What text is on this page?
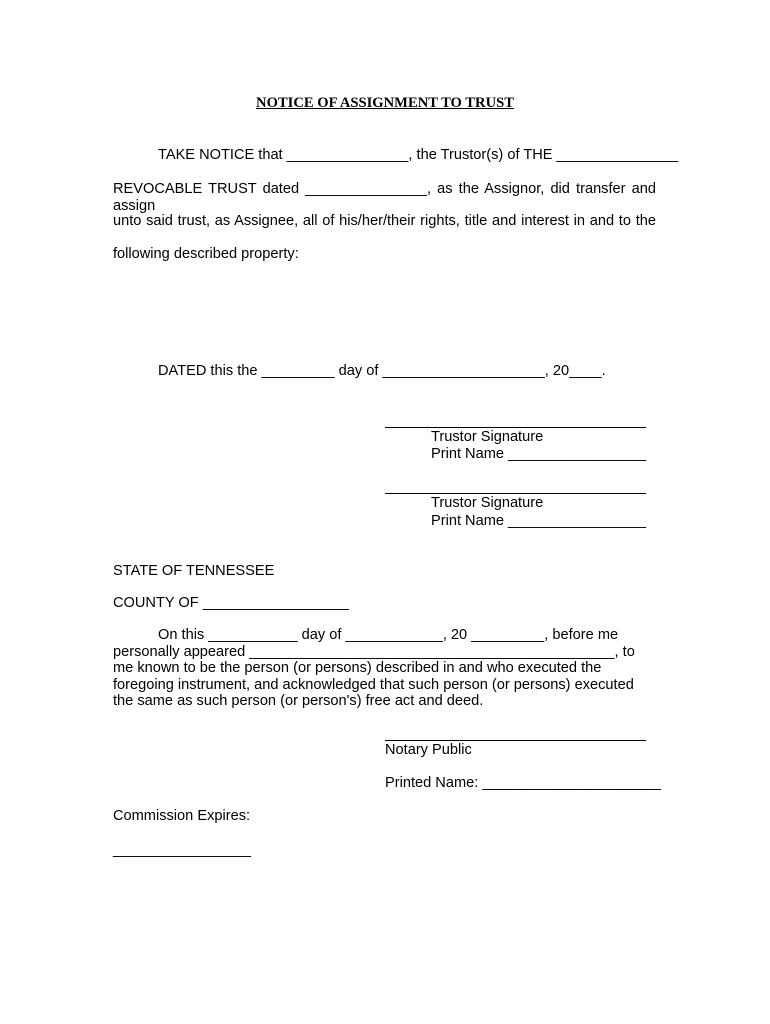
NOTICE OF ASSIGNMENT TO TRUST
TAKE NOTICE that _______________, the Trustor(s) of THE _______________
REVOCABLE TRUST dated _______________, as the Assignor, did transfer and assign
unto said trust, as Assignee, all of his/her/their rights, title and interest in and to the
following described property:
DATED this the _________ day of ____________________, 20____.
Trustor Signature
Print Name _________________
Trustor Signature
Print Name _________________
STATE OF TENNESSEE
COUNTY OF __________________
On this ___________ day of ____________, 20 _________, before me personally appeared _____________________________________________, to me known to be the person (or persons) described in and who executed the foregoing instrument, and acknowledged that such person (or persons) executed the same as such person (or person's) free act and deed.
Notary Public
Printed Name: ______________________
Commission Expires:
_________________
